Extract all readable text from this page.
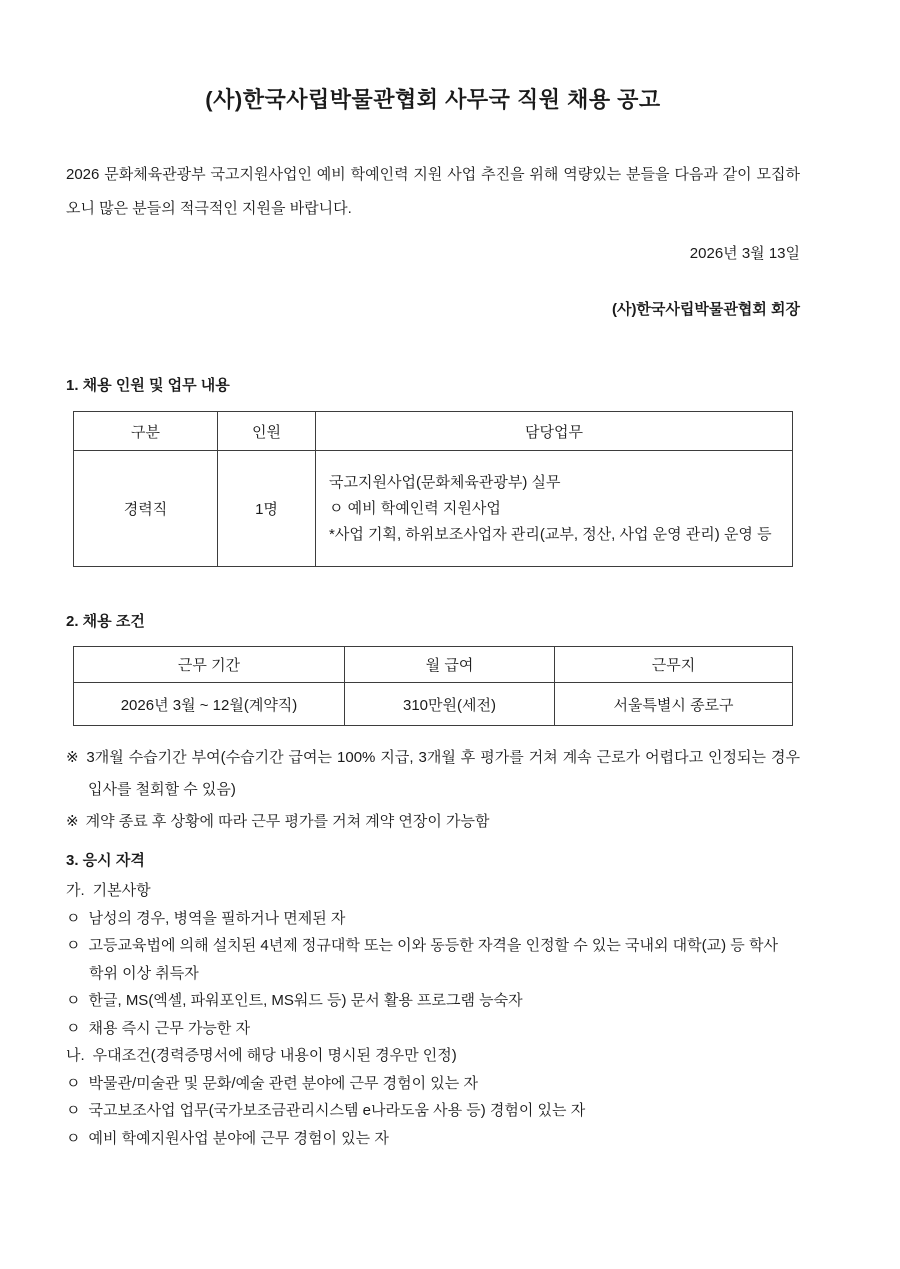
(사)한국사립박물관협회 사무국 직원 채용 공고

2026 문화체육관광부 국고지원사업인 예비 학예인력 지원 사업 추진을 위해 역량있는 분들을 다음과 같이 모집하오니 많은 분들의 적극적인 지원을 바랍니다.

2026년 3월 13일
(사)한국사립박물관협회 회장
1. 채용 인원 및 업무 내용
구분	인원	담당업무
경력직	1명	국고지원사업(문화체육관광부) 실무
ㅇ 예비 학예인력 지원사업
*사업 기획, 하위보조사업자 관리(교부, 정산, 사업 운영 관리) 운영 등
2. 채용 조건
근무 기간	월 급여	근무지
2026년 3월 ~ 12월(계약직)	310만원(세전)	서울특별시 종로구
※ 3개월 수습기간 부여(수습기간 급여는 100% 지급, 3개월 후 평가를 거쳐 계속 근로가 어렵다고 인정되는 경우 입사를 철회할 수 있음)
※ 계약 종료 후 상황에 따라 근무 평가를 거쳐 계약 연장이 가능함
3. 응시 자격
가. 기본사항
ㅇ 남성의 경우, 병역을 필하거나 면제된 자
ㅇ 고등교육법에 의해 설치된 4년제 정규대학 또는 이와 동등한 자격을 인정할 수 있는 국내외 대학(교) 등 학사 학위 이상 취득자
ㅇ 한글, MS(엑셀, 파워포인트, MS워드 등) 문서 활용 프로그램 능숙자
ㅇ 채용 즉시 근무 가능한 자
나. 우대조건(경력증명서에 해당 내용이 명시된 경우만 인정)
ㅇ 박물관/미술관 및 문화/예술 관련 분야에 근무 경험이 있는 자
ㅇ 국고보조사업 업무(국가보조금관리시스템 e나라도움 사용 등) 경험이 있는 자
ㅇ 예비 학예지원사업 분야에 근무 경험이 있는 자
